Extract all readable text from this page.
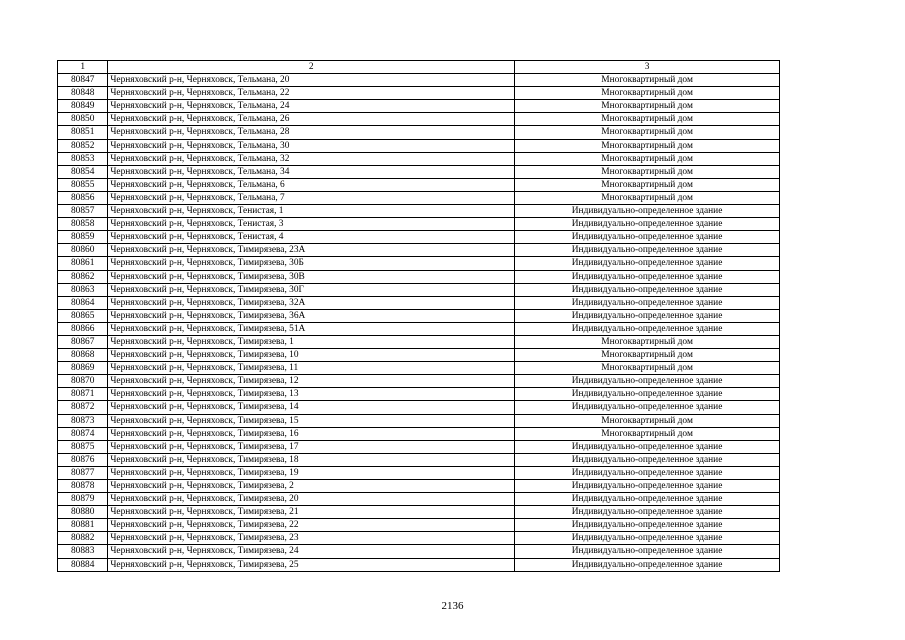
1	2	3
80847	Черняховский р-н, Черняховск, Тельмана, 20	Многоквартирный дом
80848	Черняховский р-н, Черняховск, Тельмана, 22	Многоквартирный дом
80849	Черняховский р-н, Черняховск, Тельмана, 24	Многоквартирный дом
80850	Черняховский р-н, Черняховск, Тельмана, 26	Многоквартирный дом
80851	Черняховский р-н, Черняховск, Тельмана, 28	Многоквартирный дом
80852	Черняховский р-н, Черняховск, Тельмана, 30	Многоквартирный дом
80853	Черняховский р-н, Черняховск, Тельмана, 32	Многоквартирный дом
80854	Черняховский р-н, Черняховск, Тельмана, 34	Многоквартирный дом
80855	Черняховский р-н, Черняховск, Тельмана, 6	Многоквартирный дом
80856	Черняховский р-н, Черняховск, Тельмана, 7	Многоквартирный дом
80857	Черняховский р-н, Черняховск, Тенистая, 1	Индивидуально-определенное здание
80858	Черняховский р-н, Черняховск, Тенистая, 3	Индивидуально-определенное здание
80859	Черняховский р-н, Черняховск, Тенистая, 4	Индивидуально-определенное здание
80860	Черняховский р-н, Черняховск, Тимирязева, 23А	Индивидуально-определенное здание
80861	Черняховский р-н, Черняховск, Тимирязева, 30Б	Индивидуально-определенное здание
80862	Черняховский р-н, Черняховск, Тимирязева, 30В	Индивидуально-определенное здание
80863	Черняховский р-н, Черняховск, Тимирязева, 30Г	Индивидуально-определенное здание
80864	Черняховский р-н, Черняховск, Тимирязева, 32А	Индивидуально-определенное здание
80865	Черняховский р-н, Черняховск, Тимирязева, 36А	Индивидуально-определенное здание
80866	Черняховский р-н, Черняховск, Тимирязева, 51А	Индивидуально-определенное здание
80867	Черняховский р-н, Черняховск, Тимирязева, 1	Многоквартирный дом
80868	Черняховский р-н, Черняховск, Тимирязева, 10	Многоквартирный дом
80869	Черняховский р-н, Черняховск, Тимирязева, 11	Многоквартирный дом
80870	Черняховский р-н, Черняховск, Тимирязева, 12	Индивидуально-определенное здание
80871	Черняховский р-н, Черняховск, Тимирязева, 13	Индивидуально-определенное здание
80872	Черняховский р-н, Черняховск, Тимирязева, 14	Индивидуально-определенное здание
80873	Черняховский р-н, Черняховск, Тимирязева, 15	Многоквартирный дом
80874	Черняховский р-н, Черняховск, Тимирязева, 16	Многоквартирный дом
80875	Черняховский р-н, Черняховск, Тимирязева, 17	Индивидуально-определенное здание
80876	Черняховский р-н, Черняховск, Тимирязева, 18	Индивидуально-определенное здание
80877	Черняховский р-н, Черняховск, Тимирязева, 19	Индивидуально-определенное здание
80878	Черняховский р-н, Черняховск, Тимирязева, 2	Индивидуально-определенное здание
80879	Черняховский р-н, Черняховск, Тимирязева, 20	Индивидуально-определенное здание
80880	Черняховский р-н, Черняховск, Тимирязева, 21	Индивидуально-определенное здание
80881	Черняховский р-н, Черняховск, Тимирязева, 22	Индивидуально-определенное здание
80882	Черняховский р-н, Черняховск, Тимирязева, 23	Индивидуально-определенное здание
80883	Черняховский р-н, Черняховск, Тимирязева, 24	Индивидуально-определенное здание
80884	Черняховский р-н, Черняховск, Тимирязева, 25	Индивидуально-определенное здание
2136
